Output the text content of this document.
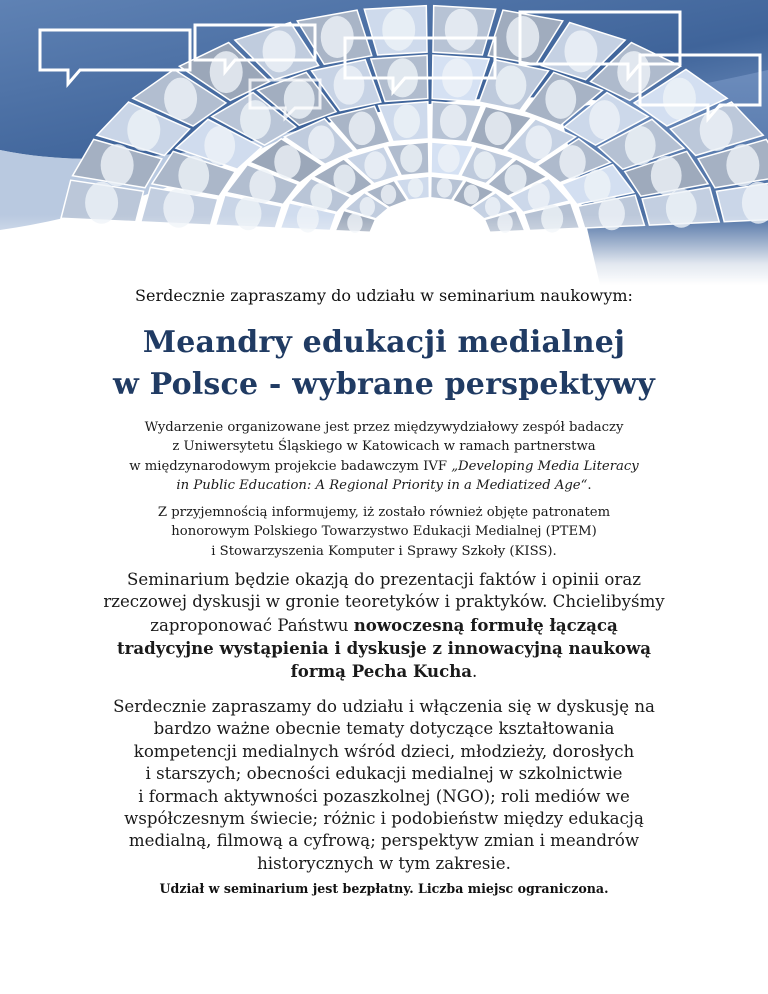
Serdecznie zapraszamy do udziału w seminarium naukowym:
Meandry edukacji medialnej
w Polsce - wybrane perspektywy
Wydarzenie organizowane jest przez międzywydziałowy zespół badaczy
z Uniwersytetu Śląskiego w Katowicach w ramach partnerstwa
w międzynarodowym projekcie badawczym IVF „Developing Media Literacy
in Public Education: A Regional Priority in a Mediatized Age“.
Z przyjemnością informujemy, iż zostało również objęte patronatem
honorowym Polskiego Towarzystwo Edukacji Medialnej (PTEM)
i Stowarzyszenia Komputer i Sprawy Szkoły (KISS).
Seminarium będzie okazją do prezentacji faktów i opinii oraz
rzeczowej dyskusji w gronie teoretyków i praktyków. Chcielibyśmy
zaproponować Państwu nowoczesną formułę łączącą
tradycyjne wystąpienia i dyskusje z innowacyjną naukową
formą Pecha Kucha.
Serdecznie zapraszamy do udziału i włączenia się w dyskusję na
bardzo ważne obecnie tematy dotyczące kształtowania
kompetencji medialnych wśród dzieci, młodzieży, dorosłych
i starszych; obecności edukacji medialnej w szkolnictwie
i formach aktywności pozaszkolnej (NGO); roli mediów we
współczesnym świecie; różnic i podobieństw między edukacją
medialną, filmową a cyfrową; perspektyw zmian i meandrów
historycznych w tym zakresie.
Udział w seminarium jest bezpłatny. Liczba miejsc ograniczona.
